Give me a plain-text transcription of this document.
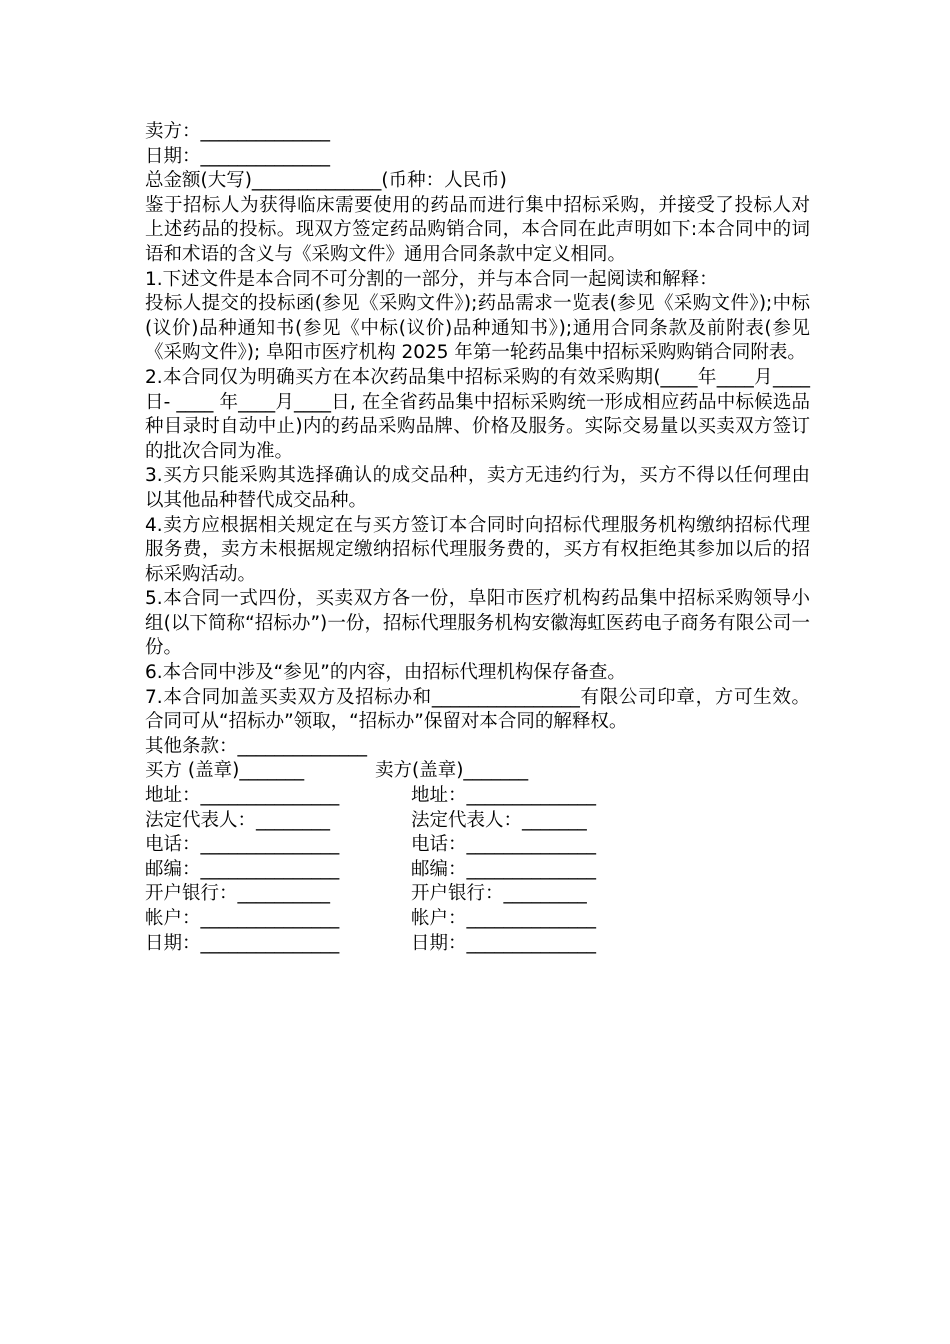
卖方：______________

日期：______________

总金额(大写)______________(币种：人民币)

鉴于招标人为获得临床需要使用的药品而进行集中招标采购，并接受了投标人对上述药品的投标。现双方签定药品购销合同，本合同在此声明如下:本合同中的词语和术语的含义与《采购文件》通用合同条款中定义相同。

1.下述文件是本合同不可分割的一部分，并与本合同一起阅读和解释：

投标人提交的投标函(参见《采购文件》);药品需求一览表(参见《采购文件》);中标(议价)品种通知书(参见《中标(议价)品种通知书》);通用合同条款及前附表(参见《采购文件》); 阜阳市医疗机构 2025 年第一轮药品集中招标采购购销合同附表。

2.本合同仅为明确买方在本次药品集中招标采购的有效采购期(____年____月____日- ____ 年____月____日, 在全省药品集中招标采购统一形成相应药品中标候选品种目录时自动中止)内的药品采购品牌、价格及服务。实际交易量以买卖双方签订的批次合同为准。

3.买方只能采购其选择确认的成交品种，卖方无违约行为，买方不得以任何理由以其他品种替代成交品种。

4.卖方应根据相关规定在与买方签订本合同时向招标代理服务机构缴纳招标代理服务费，卖方未根据规定缴纳招标代理服务费的，买方有权拒绝其参加以后的招标采购活动。

5.本合同一式四份，买卖双方各一份，阜阳市医疗机构药品集中招标采购领导小组(以下简称“招标办”)一份，招标代理服务机构安徽海虹医药电子商务有限公司一份。

6.本合同中涉及“参见”的内容，由招标代理机构保存备查。

7.本合同加盖买卖双方及招标办和________________有限公司印章，方可生效。合同可从“招标办”领取，“招标办”保留对本合同的解释权。

其他条款：______________

买方 (盖章)_______	卖方(盖章)_______
地址：_______________	地址：______________
法定代表人：________	法定代表人：_______
电话：_______________	电话：______________
邮编：_______________	邮编：______________
开户银行：__________	开户银行：_________
帐户：_______________	帐户：______________
日期：_______________	日期：______________
